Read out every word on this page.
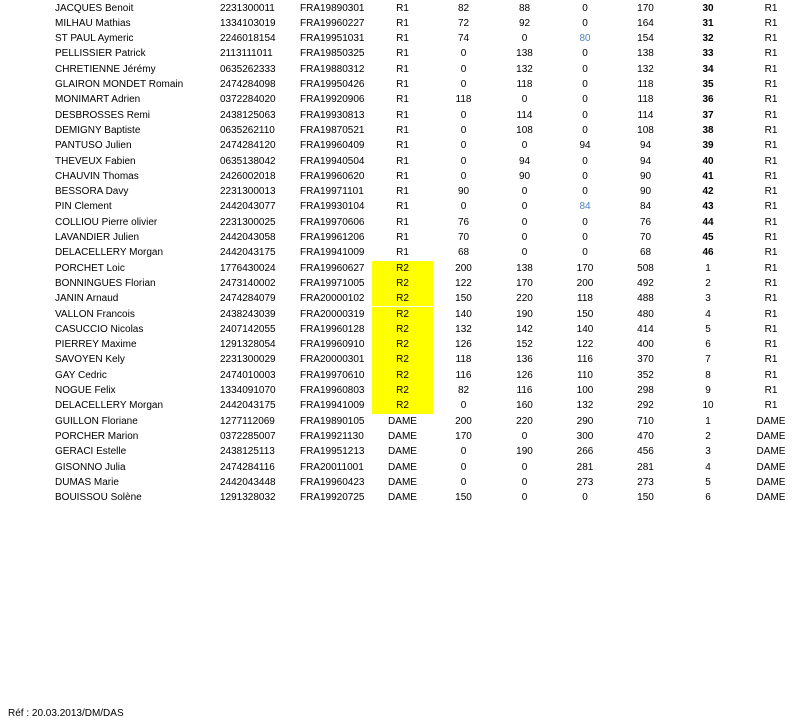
JACQUES Benoit	2231300011	FRA19890301	R1	82	88	0	170	30	R1
MILHAU Mathias	1334103019 FRA19960227	R1	72	92	0	164	31	R1
ST PAUL Aymeric	2246018154 FRA19951031	R1	74	0	80	154	32	R1
PELLISSIER Patrick	2113111011	FRA19850325	R1	0	138	0	138	33	R1
CHRETIENNE Jérémy	0635262333 FRA19880312	R1	0	132	0	132	34	R1
GLAIRON MONDET Romain	2474284098 FRA19950426	R1	0	118	0	118	35	R1
MONIMART Adrien	0372284020 FRA19920906	R1	118	0	0	118	36	R1
DESBROSSES Remi	2438125063 FRA19930813	R1	0	114	0	114	37	R1
DEMIGNY Baptiste	0635262110	FRA19870521	R1	0	108	0	108	38	R1
PANTUSO Julien	2474284120 FRA19960409	R1	0	0	94	94	39	R1
THEVEUX Fabien	0635138042 FRA19940504	R1	0	94	0	94	40	R1
CHAUVIN Thomas	2426002018 FRA19960620	R1	0	90	0	90	41	R1
BESSORA Davy	2231300013 FRA19971101	R1	90	0	0	90	42	R1
PIN Clement	2442043077 FRA19930104	R1	0	0	84	84	43	R1
COLLIOU Pierre olivier	2231300025 FRA19970606	R1	76	0	0	76	44	R1
LAVANDIER Julien	2442043058 FRA19961206	R1	70	0	0	70	45	R1
DELACELLERY Morgan	2442043175 FRA19941009	R1	68	0	0	68	46	R1
PORCHET Loic	1776430024 FRA19960627	R2	200	138	170	508	1	R1
BONNINGUES Florian	2473140002 FRA19971005	R2	122	170	200	492	2	R1
JANIN Arnaud	2474284079 FRA20000102	R2	150	220	118	488	3	R1
VALLON Francois	2438243039 FRA20000319	R2	140	190	150	480	4	R1
CASUCCIO Nicolas	2407142055 FRA19960128	R2	132	142	140	414	5	R1
PIERREY Maxime	1291328054 FRA19960910	R2	126	152	122	400	6	R1
SAVOYEN Kely	2231300029 FRA20000301	R2	118	136	116	370	7	R1
GAY Cedric	2474010003 FRA19970610	R2	116	126	110	352	8	R1
NOGUE Felix	1334091070 FRA19960803	R2	82	116	100	298	9	R1
DELACELLERY Morgan	2442043175 FRA19941009	R2	0	160	132	292	10	R1
GUILLON Floriane	1277112069	FRA19890105	DAME	200	220	290	710	1	DAME
PORCHER Marion	0372285007 FRA19921130	DAME	170	0	300	470	2	DAME
GERACI Estelle	2438125113	FRA19951213	DAME	0	190	266	456	3	DAME
GISONNO Julia	2474284116	FRA20011001	DAME	0	0	281	281	4	DAME
DUMAS Marie	2442043448 FRA19960423	DAME	0	0	273	273	5	DAME
BOUISSOU Solène	1291328032 FRA19920725	DAME	150	0	0	150	6	DAME
Réf : 20.03.2013/DM/DAS
